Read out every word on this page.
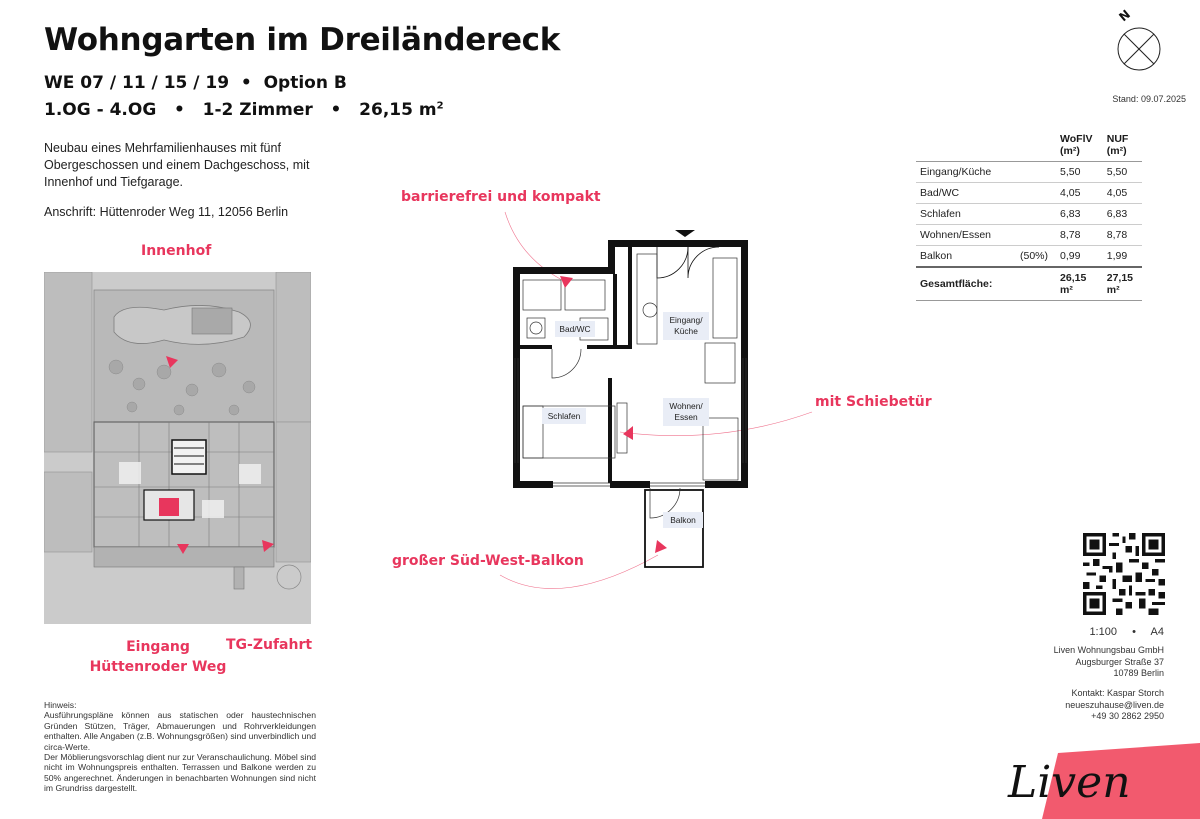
Wohngarten im Dreiländereck
WE 07 / 11 / 15 / 19  •  Option B
1.OG - 4.OG   •   1-2 Zimmer   •   26,15 $m^2$
Neubau eines Mehrfamilienhauses mit fünf Obergeschossen und einem Dachgeschoss, mit Innenhof und Tiefgarage.
Anschrift: Hüttenroder Weg 11, 12056 Berlin
Innenhof
Eingang
Hüttenroder Weg
TG-Zufahrt
Hinweis:
Ausführungspläne können aus statischen oder haustechnischen Gründen Stützen, Träger, Abmauerungen und Rohrverkleidungen enthalten. Alle Angaben (z.B. Wohnungsgrößen) sind unverbindlich und circa-Werte.
Der Möblierungsvorschlag dient nur zur Veranschaulichung. Möbel sind nicht im Wohnungspreis enthalten. Terrassen und Balkone werden zu 50% angerechnet. Änderungen in benachbarten Wohnungen sind nicht im Grundriss dargestellt.
barrierefrei und kompakt
mit Schiebetür
großer Süd-West-Balkon
Bad/WC
Eingang/
Küche
Schlafen
Wohnen/
Essen
Balkon
N
Stand: 09.07.2025
		WoFlV (m²)	NUF (m²)
Eingang/Küche		5,50	5,50
Bad/WC		4,05	4,05
Schlafen		6,83	6,83
Wohnen/Essen		8,78	8,78
Balkon	(50%)	0,99	1,99
Gesamtfläche:		26,15 m²	27,15 m²
1:100   •   A4
Liven Wohnungsbau GmbH
Augsburger Straße 37
10789 Berlin
Kontakt: Kaspar Storch
neueszuhause@liven.de
+49 30 2862 2950
Liven
